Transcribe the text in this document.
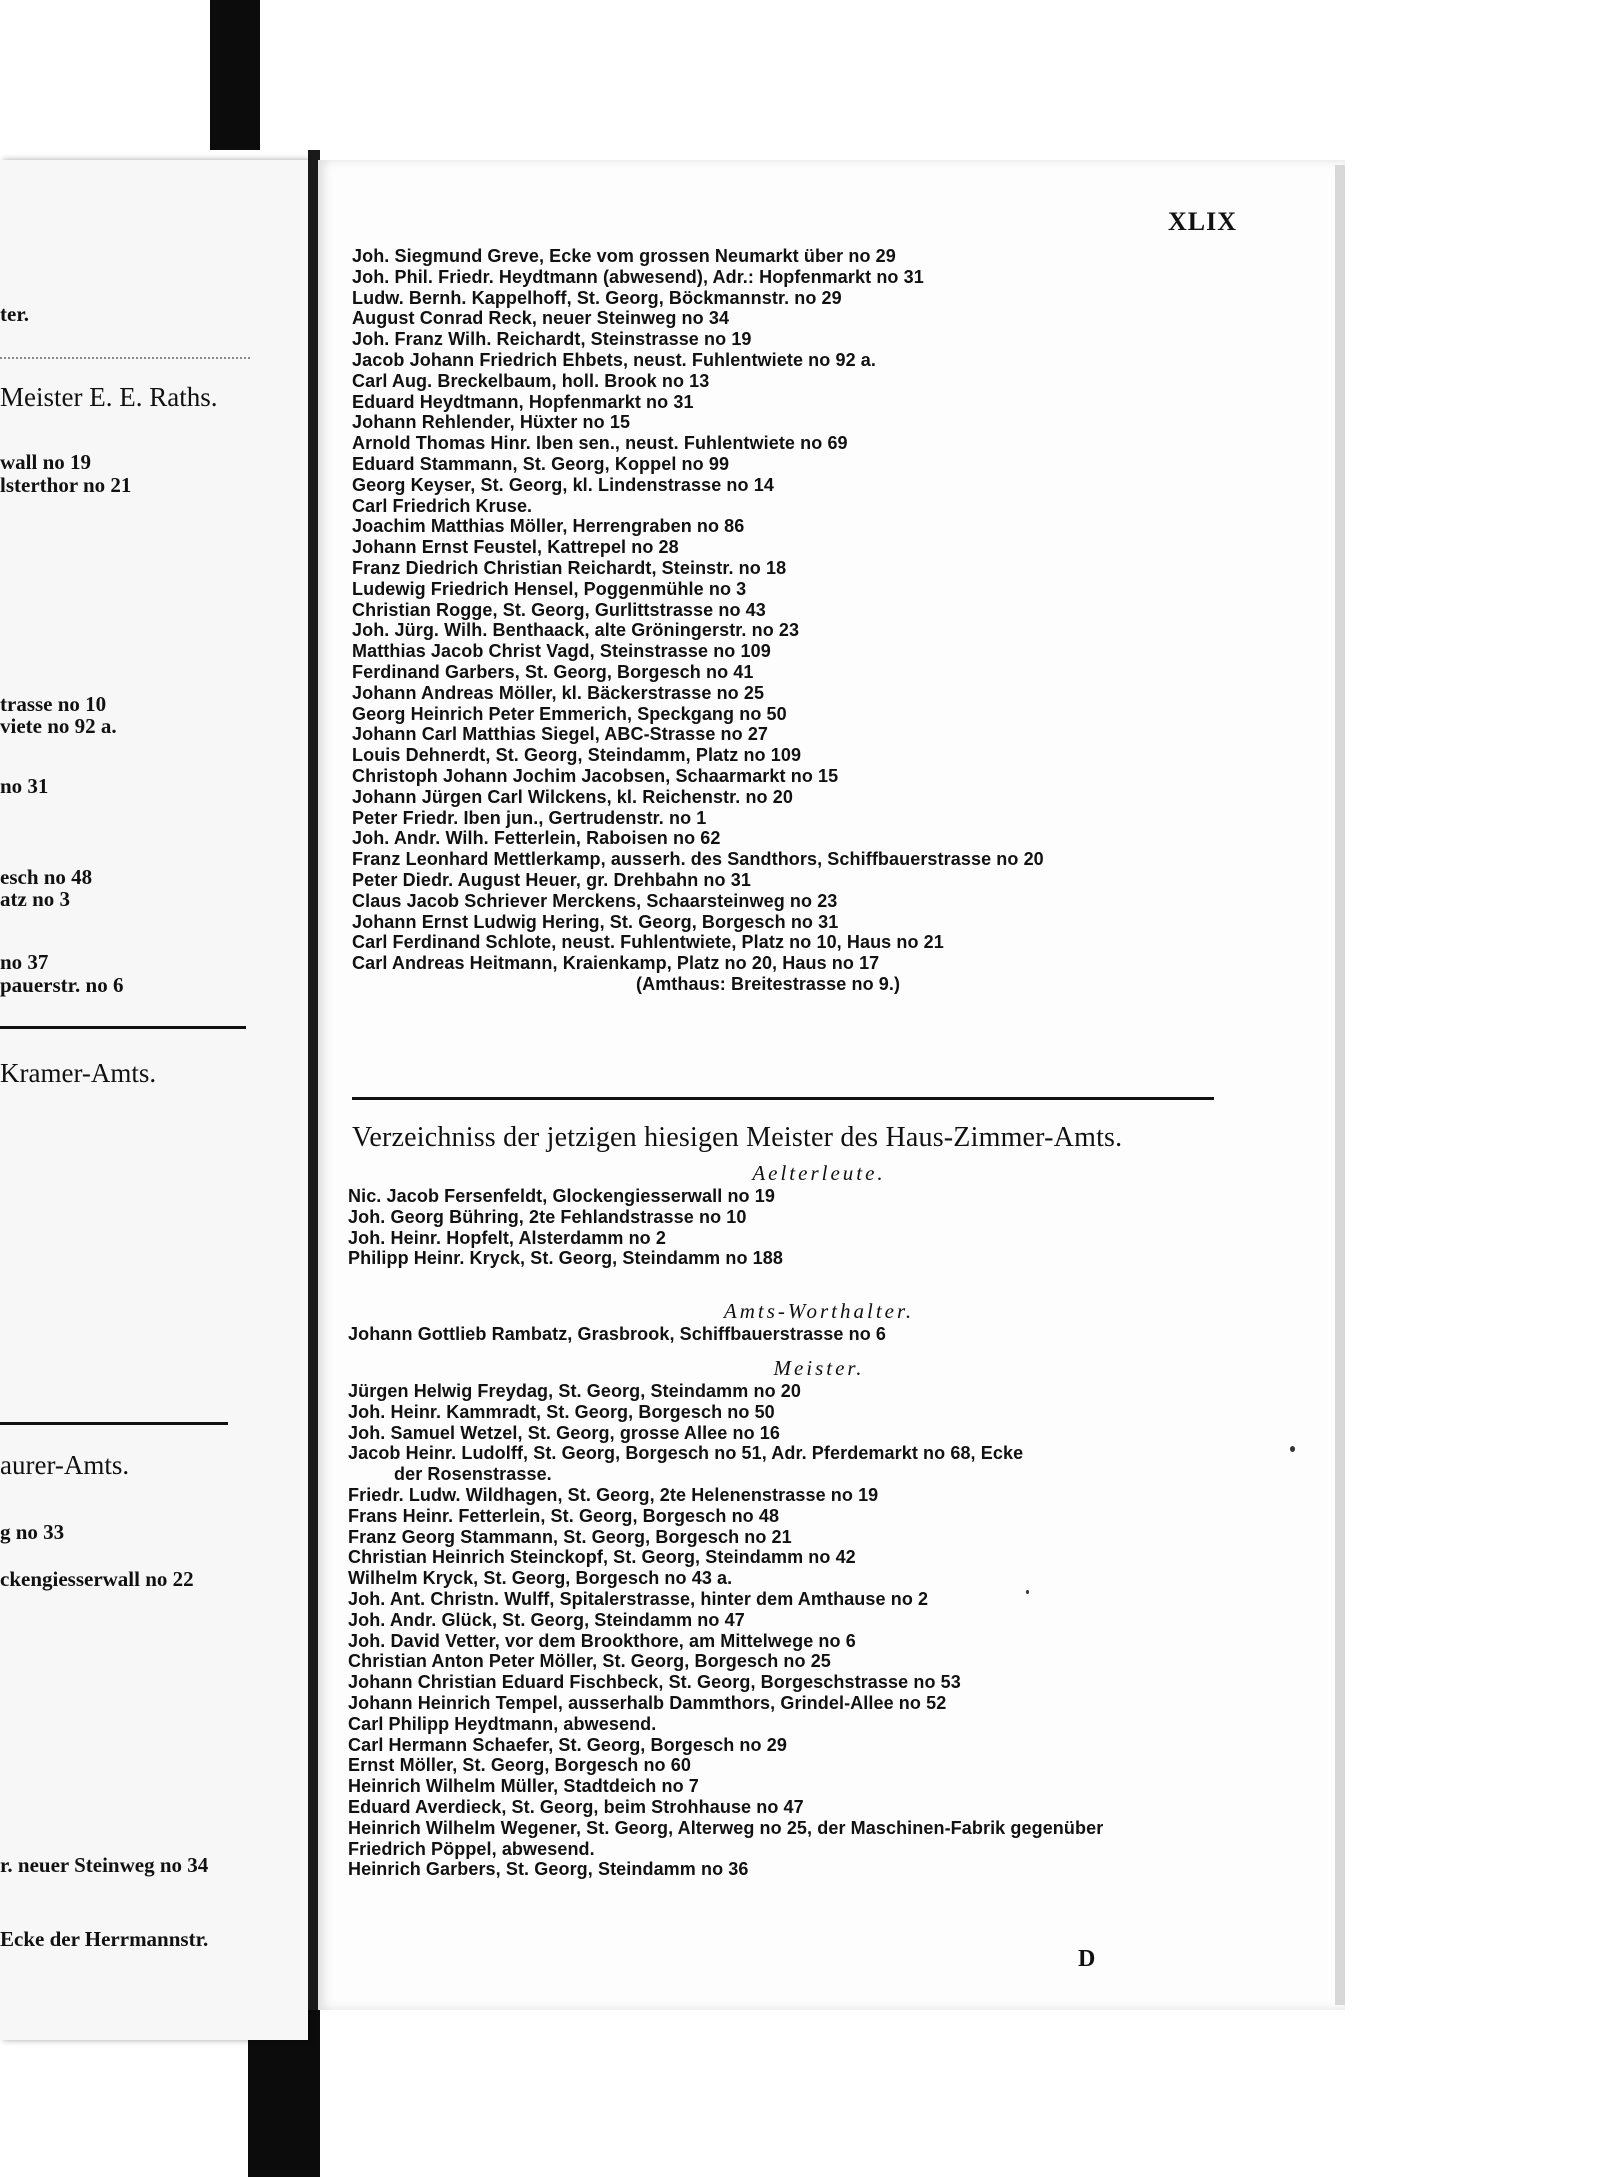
ter.
Meister E. E. Raths.
wall no 19
lsterthor no 21
trasse no 10
viete no 92 a.
no 31
esch no 48
atz no 3
no 37
pauerstr. no 6
Kramer-Amts.
aurer-Amts.
g no 33
ckengiesserwall no 22
r. neuer Steinweg no 34
Ecke der Herrmannstr.
XLIX
Joh. Siegmund Greve, Ecke vom grossen Neumarkt über no 29
Joh. Phil. Friedr. Heydtmann (abwesend), Adr.: Hopfenmarkt no 31
Ludw. Bernh. Kappelhoff, St. Georg, Böckmannstr. no 29
August Conrad Reck, neuer Steinweg no 34
Joh. Franz Wilh. Reichardt, Steinstrasse no 19
Jacob Johann Friedrich Ehbets, neust. Fuhlentwiete no 92 a.
Carl Aug. Breckelbaum, holl. Brook no 13
Eduard Heydtmann, Hopfenmarkt no 31
Johann Rehlender, Hüxter no 15
Arnold Thomas Hinr. Iben sen., neust. Fuhlentwiete no 69
Eduard Stammann, St. Georg, Koppel no 99
Georg Keyser, St. Georg, kl. Lindenstrasse no 14
Carl Friedrich Kruse.
Joachim Matthias Möller, Herrengraben no 86
Johann Ernst Feustel, Kattrepel no 28
Franz Diedrich Christian Reichardt, Steinstr. no 18
Ludewig Friedrich Hensel, Poggenmühle no 3
Christian Rogge, St. Georg, Gurlittstrasse no 43
Joh. Jürg. Wilh. Benthaack, alte Gröningerstr. no 23
Matthias Jacob Christ Vagd, Steinstrasse no 109
Ferdinand Garbers, St. Georg, Borgesch no 41
Johann Andreas Möller, kl. Bäckerstrasse no 25
Georg Heinrich Peter Emmerich, Speckgang no 50
Johann Carl Matthias Siegel, ABC-Strasse no 27
Louis Dehnerdt, St. Georg, Steindamm, Platz no 109
Christoph Johann Jochim Jacobsen, Schaarmarkt no 15
Johann Jürgen Carl Wilckens, kl. Reichenstr. no 20
Peter Friedr. Iben jun., Gertrudenstr. no 1
Joh. Andr. Wilh. Fetterlein, Raboisen no 62
Franz Leonhard Mettlerkamp, ausserh. des Sandthors, Schiffbauerstrasse no 20
Peter Diedr. August Heuer, gr. Drehbahn no 31
Claus Jacob Schriever Merckens, Schaarsteinweg no 23
Johann Ernst Ludwig Hering, St. Georg, Borgesch no 31
Carl Ferdinand Schlote, neust. Fuhlentwiete, Platz no 10, Haus no 21
Carl Andreas Heitmann, Kraienkamp, Platz no 20, Haus no 17
(Amthaus: Breitestrasse no 9.)
Verzeichniss der jetzigen hiesigen Meister des Haus-Zimmer-Amts.
Aelterleute.
Nic. Jacob Fersenfeldt, Glockengiesserwall no 19
Joh. Georg Bühring, 2te Fehlandstrasse no 10
Joh. Heinr. Hopfelt, Alsterdamm no 2
Philipp Heinr. Kryck, St. Georg, Steindamm no 188
Amts-Worthalter.
Johann Gottlieb Rambatz, Grasbrook, Schiffbauerstrasse no 6
Meister.
Jürgen Helwig Freydag, St. Georg, Steindamm no 20
Joh. Heinr. Kammradt, St. Georg, Borgesch no 50
Joh. Samuel Wetzel, St. Georg, grosse Allee no 16
Jacob Heinr. Ludolff, St. Georg, Borgesch no 51, Adr. Pferdemarkt no 68, Ecke
der Rosenstrasse.
Friedr. Ludw. Wildhagen, St. Georg, 2te Helenenstrasse no 19
Frans Heinr. Fetterlein, St. Georg, Borgesch no 48
Franz Georg Stammann, St. Georg, Borgesch no 21
Christian Heinrich Steinckopf, St. Georg, Steindamm no 42
Wilhelm Kryck, St. Georg, Borgesch no 43 a.
Joh. Ant. Christn. Wulff, Spitalerstrasse, hinter dem Amthause no 2
Joh. Andr. Glück, St. Georg, Steindamm no 47
Joh. David Vetter, vor dem Brookthore, am Mittelwege no 6
Christian Anton Peter Möller, St. Georg, Borgesch no 25
Johann Christian Eduard Fischbeck, St. Georg, Borgeschstrasse no 53
Johann Heinrich Tempel, ausserhalb Dammthors, Grindel-Allee no 52
Carl Philipp Heydtmann, abwesend.
Carl Hermann Schaefer, St. Georg, Borgesch no 29
Ernst Möller, St. Georg, Borgesch no 60
Heinrich Wilhelm Müller, Stadtdeich no 7
Eduard Averdieck, St. Georg, beim Strohhause no 47
Heinrich Wilhelm Wegener, St. Georg, Alterweg no 25, der Maschinen-Fabrik gegenüber
Friedrich Pöppel, abwesend.
Heinrich Garbers, St. Georg, Steindamm no 36
D
